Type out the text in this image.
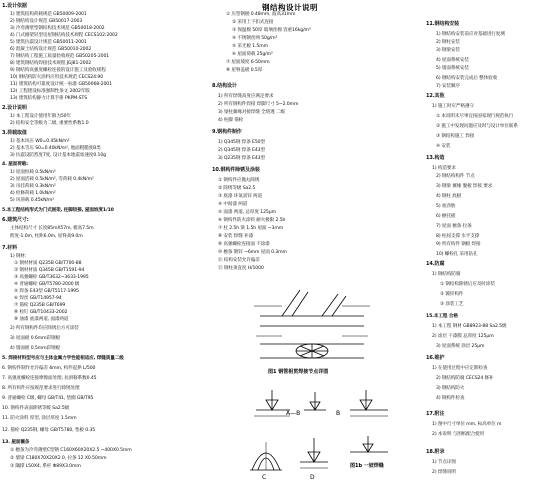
钢结构设计说明
1.设计依据
1) 建筑结构荷载规范 GB50009-2001
2) 钢结构设计规范 GB50017-2003
3) 冷弯薄壁型钢结构技术规范 GB50018-2002
4) 门式刚架轻型房屋钢结构技术规程 CECS102:2002
5) 建筑抗震设计规范 GB50011-2001
6) 混凝土结构设计规范 GB50010-2002
7) 钢结构工程施工质量验收规范 GB50205-2001
8) 建筑钢结构焊接技术规程 JGJ81-2002
9) 钢结构高强度螺栓连接的设计施工及验收规程
10) 钢结构防火涂料应用技术规范 CECS24:90
11) 建筑结构可靠度设计统一标准 GB50068-2001
12) 工程建设标准强制性条文 2002年版
13) 建筑结构静力计算手册 PKPM-STS
2.设计说明
1) 本工程设计使用年限为50年
2) 结构安全等级为二级, 重要性系数1.0
3.荷载取值
1) 基本风压 W0=0.45kN/m²
2) 基本雪压 S0=0.40kN/m², 地面粗糙度B类
3) 抗震设防烈度7度, 设计基本地震加速度0.10g
4. 屋面荷载:
1) 屋面恒载 0.5kN/m²
2) 屋面活载 0.5kN/m², 雪荷载 0.4kN/m²
3) 吊挂荷载 0.3kN/m²
4) 检修荷载 1.0kN/m²
5) 风荷载 0.45kN/m²
5.本工程结构形式为门式刚架, 柱脚铰接, 屋面坡度1/10
6.建筑尺寸:
主体结构尺寸 长度85mX57m, 檐高7.5m
跨度-1.0m, 柱距6.0m, 屋脊高9.0m
7.材料
1) 钢材:
① 钢材材质 Q235B GB/T700-88
② 钢材材质 Q345B GB/T1591-94
③ 高强螺栓 GB/T3632~3633-1995
④ 普通螺栓 GB/T5780-2000 级
⑤ 焊条 E43型 GB/T5117-1995
⑥ 焊丝 GB/T14957-94
⑦ 锚栓 Q235B GB/T699
⑧ 栓钉 GB/T10433-2002
⑨ 油漆 底漆两道, 面漆两道
2) 所有钢构件均应除锈后方可涂装
3) 屋面板 0.6mm彩钢板
4) 墙面板 0.5mm彩钢板
5. 焊接材料型号应与主体金属力学性能相适应, 焊缝质量二级
6. 钢构件制作允许偏差 6mm, 构件起拱 L/500
7. 高强度螺栓连接摩擦面处理, 抗滑移系数0.45
8. 所有构件应按规范要求进行除锈处理
9. 普通螺栓 C级, 螺母 GB/T41, 垫圈 GB/T95
10. 钢构件表面除锈等级 Sa2.5级
11. 防火涂料 厚型, 涂层厚度 1.5mm
12. 锚栓 Q235钢, 螺母 GB/T5780, 垫板 0.35
13. 屋面檩条
① 檩条为冷弯薄壁C型钢 C160X60X20X2.5 ~400X0.5mm
② 墙梁 C180X70X20X2.0, 拉条 12 X0.50mm
③ 隅撑 L50X4, 系杆 Φ89X3.0mm
① 压型钢板 0.48mm, 波高31mm
② 采用上下扣式连接
③ 保温棉 50厚 玻璃丝棉 容重16kg/m³
④ 不锈钢丝网 50g/m²
⑤ 采光板 1.5mm
⑥ 屋面荷载 25g/m²
⑦ 屋面坡度 6-50mm
⑧ 屋脊盖板 0.5厚
8.结构设计
1) 所有焊缝高度应满足要求
2) 所有钢构件焊接 焊脚尺寸 5~2.0mm
3) 梁柱翼缘对接焊缝 全熔透 二级
4) 柱脚 锚栓
9.钢构件制作
1) Q345钢 焊条 E50型
2) Q345钢 焊条 E43型
3) Q235钢 焊条 E43型
10.钢构件除锈及涂装
① 钢构件应抛丸除锈
② 除锈等级 Sa2.5
③ 底漆 环氧富锌 两道
④ 中间漆 两道
⑤ 面漆 两道, 总厚度 125μm
⑥ 钢构件防火涂料 耐火极限 2.5h
⑦ 柱 2.5h 梁 1.5h 屋面 ~3mm
⑧ 安装 焊缝 补漆
⑨ 高强螺栓连接面 不涂漆
⑩ 檩条 镀锌 ~6mm 屋面 0.3mm
⑪ 结构安装允许偏差
⑫ 钢柱垂直度 H/1000
11.钢结构安装
1) 钢结构安装前应对基础进行复测
2) 钢柱安装
3) 钢梁安装
4) 屋面系统安装
5) 墙面系统安装
6) 钢结构安装完成后 整体验收
7) 安装顺序
12.其他
1) 施工时应严格遵守
① 本说明未尽事宜按国家现行规范执行
② 施工中发现问题应及时与设计单位联系
③ 钢结构施工 焊接
④ 安装
13.构造
1) 构造要求
2) 钢结构构件 节点
3) 钢梁 翼缘 腹板 焊接 要求
4) 钢柱 底板
5) 加劲肋
6) 檩托板
7) 屋面 檩条 拉条
8) 柱间支撑 水平支撑
9) 所有构件 钢板 焊接
10) 螺栓孔 采用钻孔
14.防腐
1) 钢结构防腐
① 钢结构除锈后应及时涂装
② 镀锌构件
③ 涂装工艺
15.本工程 合格
1) 本工程 钢材 GB8923-88 Sa2.5级
2) 涂层 干漆膜 总厚度 125μm
3) 屋面系统 涂层 25μm
16.维护
1) 在使用过程中应定期检查
2) 钢结构防腐 CECS24 修补
3) 钢结构防火
4) 钢构件检查
17.附注
1) 图中尺寸单位 mm, 标高单位 m
2) 本说明 与图纸配合使用
18.附录
1) 节点详图
2) 焊缝说明
图1 钢管相贯焊接节点详图
A—B	B
C	D
图1b 一坡焊缝
